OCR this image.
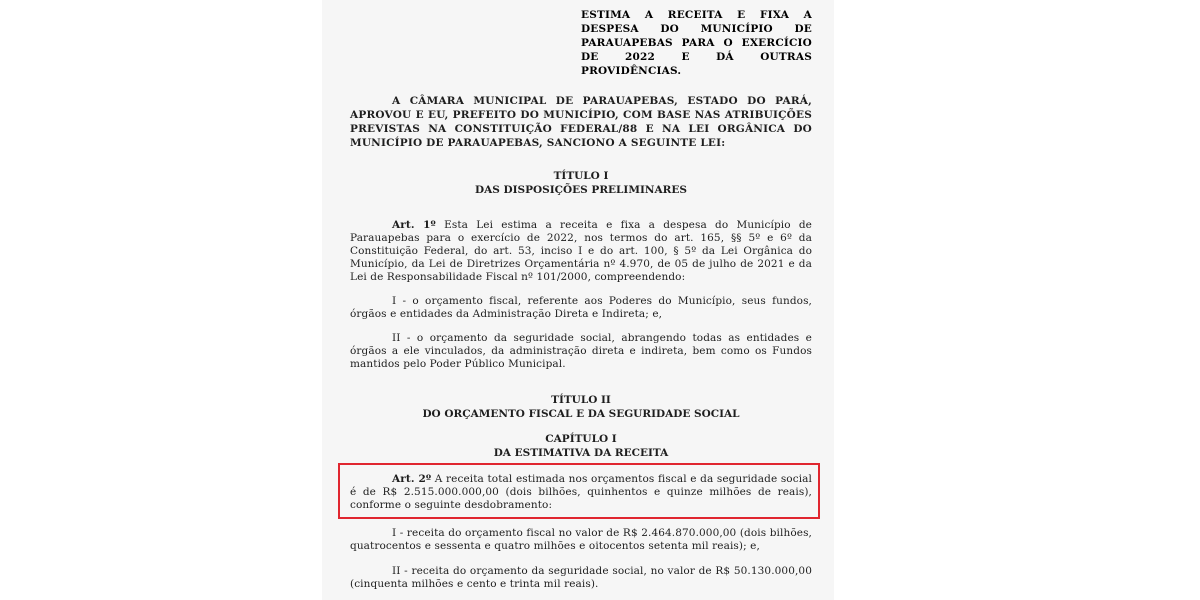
ESTIMA A RECEITA E FIXA A DESPESA DO MUNICÍPIO DE PARAUAPEBAS PARA O EXERCÍCIO DE 2022 E DÁ OUTRAS PROVIDÊNCIAS.
A CÂMARA MUNICIPAL DE PARAUAPEBAS, ESTADO DO PARÁ, APROVOU E EU, PREFEITO DO MUNICÍPIO, COM BASE NAS ATRIBUIÇÕES PREVISTAS NA CONSTITUIÇÃO FEDERAL/88 E NA LEI ORGÂNICA DO MUNICÍPIO DE PARAUAPEBAS, SANCIONO A SEGUINTE LEI:
TÍTULO I
DAS DISPOSIÇÕES PRELIMINARES
Art. 1º Esta Lei estima a receita e fixa a despesa do Município de Parauapebas para o exercício de 2022, nos termos do art. 165, §§ 5º e 6º da Constituição Federal, do art. 53, inciso I e do art. 100, § 5º da Lei Orgânica do Município, da Lei de Diretrizes Orçamentária nº 4.970, de 05 de julho de 2021 e da Lei de Responsabilidade Fiscal nº 101/2000, compreendendo:
I - o orçamento fiscal, referente aos Poderes do Município, seus fundos, órgãos e entidades da Administração Direta e Indireta; e,
II - o orçamento da seguridade social, abrangendo todas as entidades e órgãos a ele vinculados, da administração direta e indireta, bem como os Fundos mantidos pelo Poder Público Municipal.
TÍTULO II
DO ORÇAMENTO FISCAL E DA SEGURIDADE SOCIAL
CAPÍTULO I
DA ESTIMATIVA DA RECEITA
Art. 2º A receita total estimada nos orçamentos fiscal e da seguridade social é de R$ 2.515.000.000,00 (dois bilhões, quinhentos e quinze milhões de reais), conforme o seguinte desdobramento:
I - receita do orçamento fiscal no valor de R$ 2.464.870.000,00 (dois bilhões, quatrocentos e sessenta e quatro milhões e oitocentos setenta mil reais); e,
II - receita do orçamento da seguridade social, no valor de R$ 50.130.000,00 (cinquenta milhões e cento e trinta mil reais).
